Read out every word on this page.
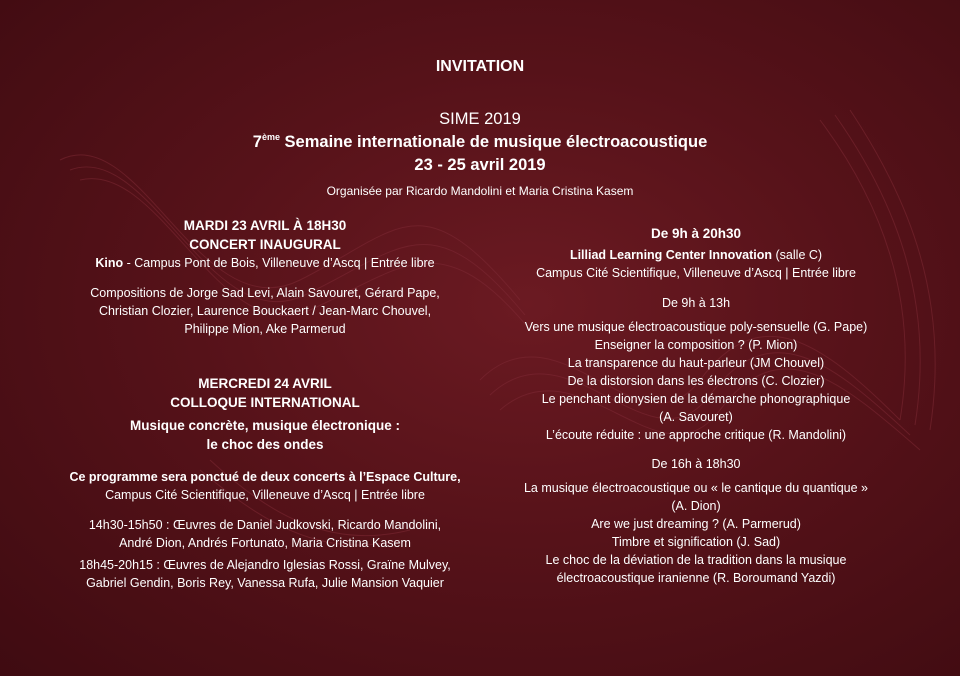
INVITATION
SIME 2019
7ème Semaine internationale de musique électroacoustique
23 - 25 avril 2019
Organisée par Ricardo Mandolini et Maria Cristina Kasem
MARDI 23 AVRIL À 18H30
CONCERT INAUGURAL
Kino - Campus Pont de Bois, Villeneuve d’Ascq | Entrée libre
Compositions de Jorge Sad Levi, Alain Savouret, Gérard Pape,
Christian Clozier, Laurence Bouckaert / Jean-Marc Chouvel,
Philippe Mion, Ake Parmerud
MERCREDI 24 AVRIL
COLLOQUE INTERNATIONAL
Musique concrète, musique électronique :
le choc des ondes
Ce programme sera ponctué de deux concerts à l’Espace Culture,
Campus Cité Scientifique, Villeneuve d’Ascq | Entrée libre
14h30-15h50 : Œuvres de Daniel Judkovski, Ricardo Mandolini,
André Dion, Andrés Fortunato, Maria Cristina Kasem
18h45-20h15 : Œuvres de Alejandro Iglesias Rossi, Graïne Mulvey,
Gabriel Gendin, Boris Rey, Vanessa Rufa, Julie Mansion Vaquier
De 9h à 20h30
Lilliad Learning Center Innovation (salle C)
Campus Cité Scientifique, Villeneuve d’Ascq | Entrée libre
De 9h à 13h
Vers une musique électroacoustique poly-sensuelle (G. Pape)
Enseigner la composition ? (P. Mion)
La transparence du haut-parleur (JM Chouvel)
De la distorsion dans les électrons (C. Clozier)
Le penchant dionysien de la démarche phonographique
(A. Savouret)
L’écoute réduite : une approche critique (R. Mandolini)
De 16h à 18h30
La musique électroacoustique ou « le cantique du quantique »
(A. Dion)
Are we just dreaming ? (A. Parmerud)
Timbre et signification (J. Sad)
Le choc de la déviation de la tradition dans la musique
électroacoustique iranienne (R. Boroumand Yazdi)
